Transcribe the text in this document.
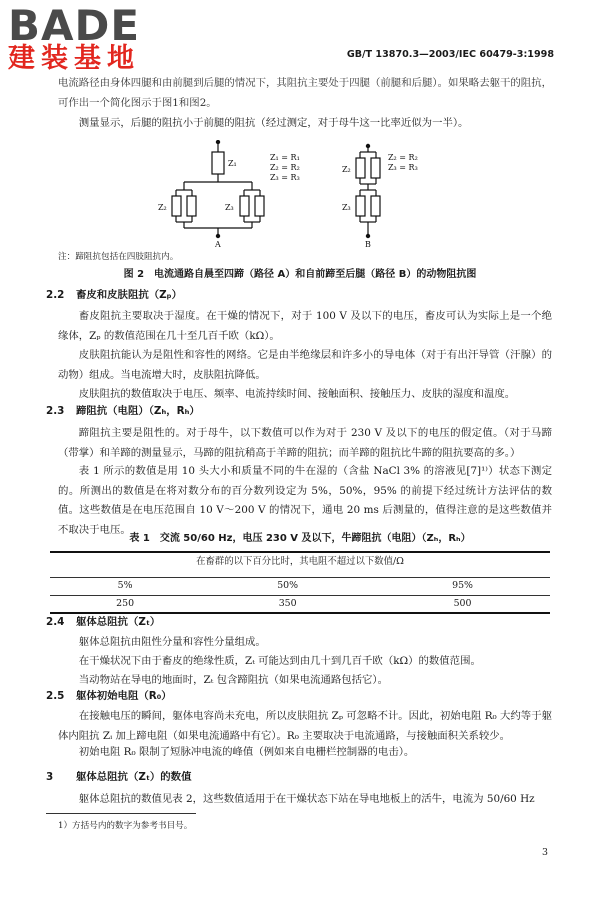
BADE
建装基地	GB/T 13870.3—2003/IEC 60479-3:1998
电流路径由身体四腿和由前腿到后腿的情况下，其阻抗主要处于四腿（前腿和后腿）。如果略去躯干的阻抗，可作出一个简化图示于图1和图2。
测量显示，后腿的阻抗小于前腿的阻抗（经过测定，对于母牛这一比率近似为一半）。
Z₁
Z₂	Z₃
Z₁ = R₁
Z₂ = R₂
Z₃ = R₃
A
Z₂
Z₃
Z₂ = R₂
Z₃ = R₃
B
注：蹄阻抗包括在四肢阻抗内。
图 2　电流通路自晨至四蹄（路径 A）和自前蹄至后腿（路径 B）的动物阻抗图
2.2 畜皮和皮肤阻抗（Zₚ）
畜皮阻抗主要取决于湿度。在干燥的情况下，对于 100 V 及以下的电压，畜皮可认为实际上是一个绝缘体，Zₚ 的数值范围在几十至几百千欧（kΩ）。
皮肤阻抗能认为是阻性和容性的网络。它是由半绝缘层和许多小的导电体（对于有出汗导管（汗腺）的动物）组成。当电流增大时，皮肤阻抗降低。
皮肤阻抗的数值取决于电压、频率、电流持续时间、接触面积、接触压力、皮肤的湿度和温度。
2.3 蹄阻抗（电阻）（Zₕ，Rₕ）
蹄阻抗主要是阻性的。对于母牛，以下数值可以作为对于 230 V 及以下的电压的假定值。（对于马蹄（带掌）和羊蹄的测量显示，马蹄的阻抗稍高于羊蹄的阻抗；而羊蹄的阻抗比牛蹄的阻抗要高的多。）
表 1 所示的数值是用 10 头大小和质量不同的牛在湿的（含盐 NaCl 3% 的溶液见[7]¹⁾）状态下测定的。所测出的数值是在将对数分布的百分数列设定为 5%，50%，95% 的前提下经过统计方法评估的数值。这些数值是在电压范围自 10 V～200 V 的情况下，通电 20 ms 后测量的，值得注意的是这些数值并不取决于电压。
表 1　交流 50/60 Hz，电压 230 V 及以下，牛蹄阻抗（电阻）（Zₕ，Rₕ）
在畜群的以下百分比时，其电阻不超过以下数值/Ω		

5%	50%	95%
250	350	500
2.4 躯体总阻抗（Zₜ）
躯体总阻抗由阻性分量和容性分量组成。
在干燥状况下由于畜皮的绝缘性质，Zₜ 可能达到由几十到几百千欧（kΩ）的数值范围。
当动物站在导电的地面时，Zₜ 包含蹄阻抗（如果电流通路包括它）。
2.5 躯体初始电阻（R₀）
在接触电压的瞬间，躯体电容尚未充电，所以皮肤阻抗 Zₚ 可忽略不计。因此，初始电阻 R₀ 大约等于躯体内阻抗 Zᵢ 加上蹄电阻（如果电流通路中有它）。R₀ 主要取决于电流通路，与接触面积关系较少。
初始电阻 R₀ 限制了短脉冲电流的峰值（例如来自电栅栏控制器的电击）。
3 躯体总阻抗（Zₜ）的数值
躯体总阻抗的数值见表 2，这些数值适用于在干燥状态下站在导电地板上的活牛，电流为 50/60 Hz
1）方括号内的数字为参考书目号。
3
